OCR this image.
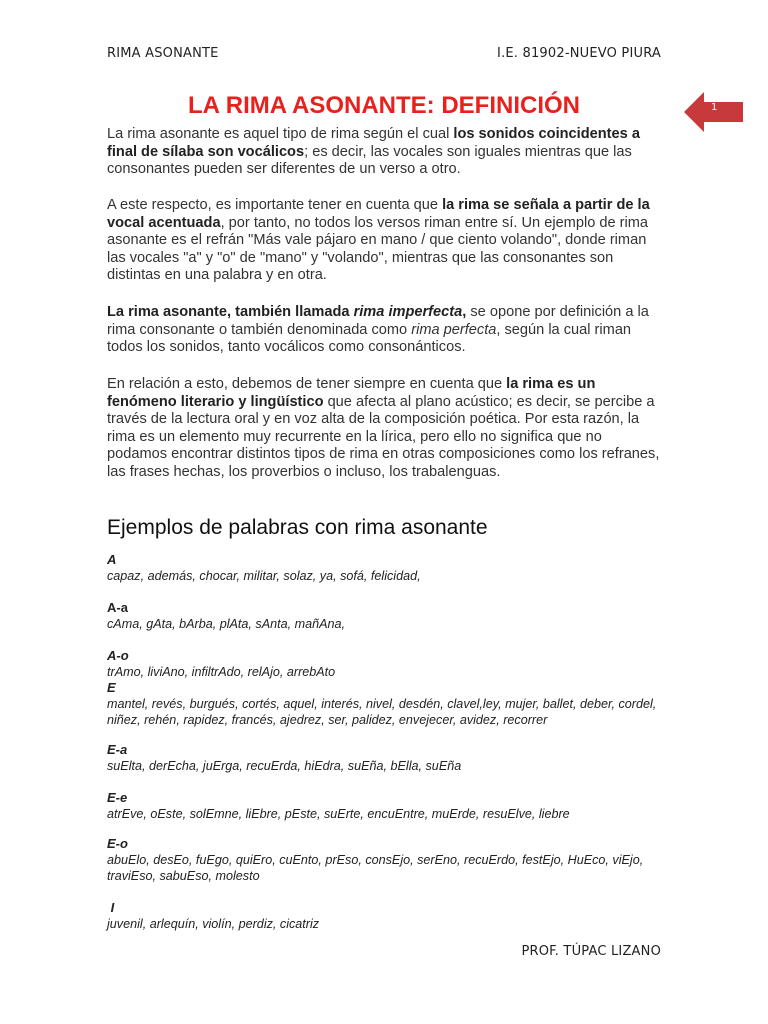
RIMA ASONANTE	I.E. 81902-NUEVO PIURA
1
LA RIMA ASONANTE: DEFINICIÓN

La rima asonante es aquel tipo de rima según el cual los sonidos coincidentes a final de sílaba son vocálicos; es decir, las vocales son iguales mientras que las consonantes pueden ser diferentes de un verso a otro.

A este respecto, es importante tener en cuenta que la rima se señala a partir de la vocal acentuada, por tanto, no todos los versos riman entre sí. Un ejemplo de rima asonante es el refrán "Más vale pájaro en mano / que ciento volando", donde riman las vocales "a" y "o" de "mano" y "volando", mientras que las consonantes son distintas en una palabra y en otra.

La rima asonante, también llamada rima imperfecta, se opone por definición a la rima consonante o también denominada como rima perfecta, según la cual riman todos los sonidos, tanto vocálicos como consonánticos.

En relación a esto, debemos de tener siempre en cuenta que la rima es un fenómeno literario y lingüístico que afecta al plano acústico; es decir, se percibe a través de la lectura oral y en voz alta de la composición poética. Por esta razón, la rima es un elemento muy recurrente en la lírica, pero ello no significa que no podamos encontrar distintos tipos de rima en otras composiciones como los refranes, las frases hechas, los proverbios o incluso, los trabalenguas.

Ejemplos de palabras con rima asonante
A
capaz, además, chocar, militar, solaz, ya, sofá, felicidad,
A-a
cAma, gAta, bArba, plAta, sAnta, mañAna,
A-o
trAmo, liviAno, infiltrAdo, relAjo, arrebAto
E
mantel, revés, burgués, cortés, aquel, interés, nivel, desdén, clavel,ley, mujer, ballet, deber, cordel, niñez, rehén, rapidez, francés, ajedrez, ser, palidez, envejecer, avidez, recorrer
E-a
suElta, derEcha, juErga, recuErda, hiEdra, suEña, bElla, suEña
E-e
atrEve, oEste, solEmne, liEbre, pEste, suErte, encuEntre, muErde, resuElve, liebre
E-o
abuElo, desEo, fuEgo, quiEro, cuEnto, prEso, consEjo, serEno, recuErdo, festEjo, HuEco, viEjo, traviEso, sabuEso, molesto
I
juvenil, arlequín, violín, perdiz, cicatriz
PROF. TÚPAC LIZANO
